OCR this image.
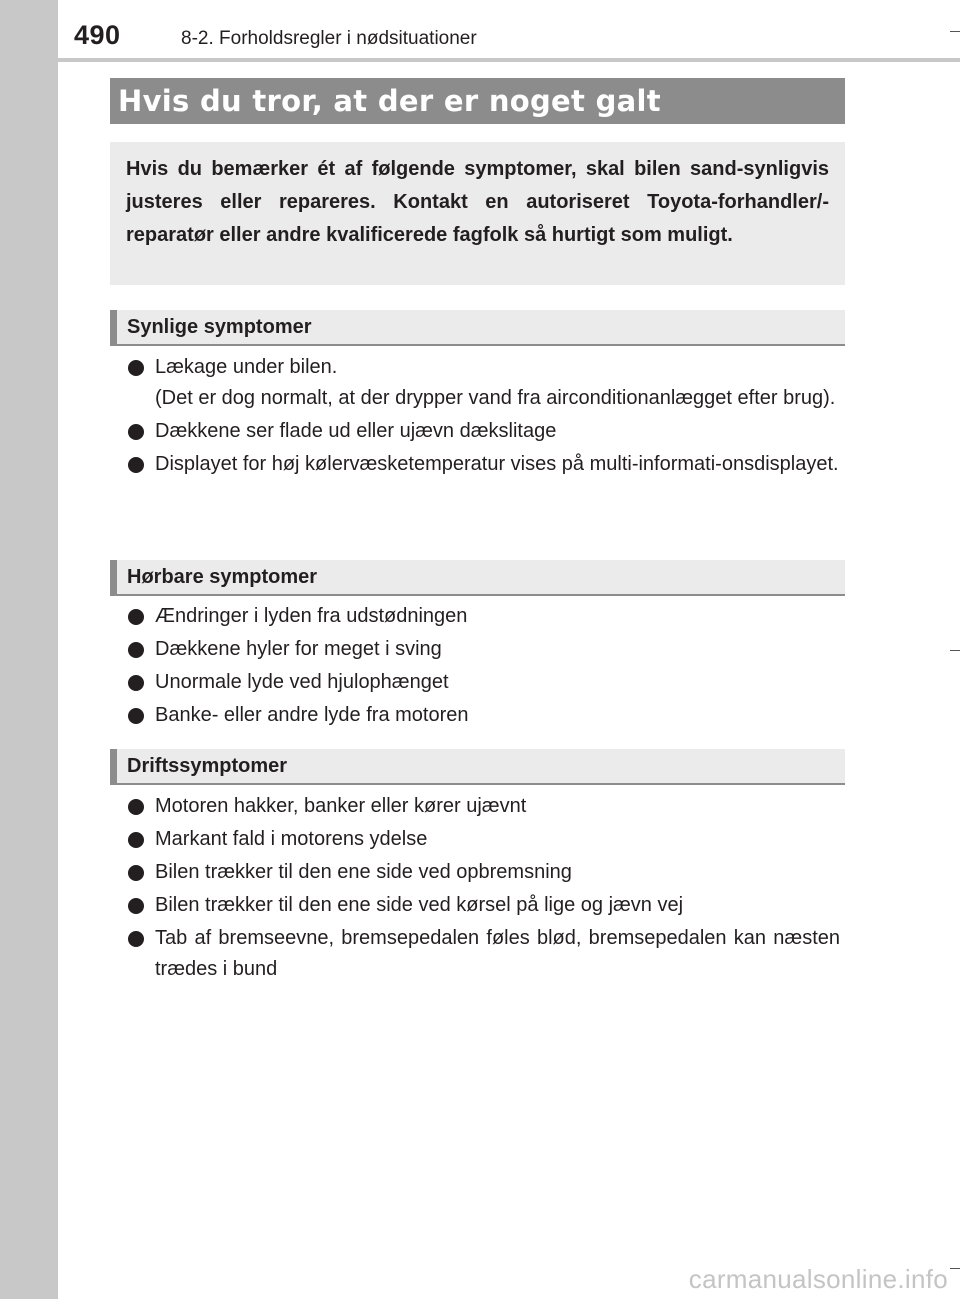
490	8-2. Forholdsregler i nødsituationer
Hvis du tror, at der er noget galt

Hvis du bemærker ét af følgende symptomer, skal bilen sand-synligvis justeres eller repareres. Kontakt en autoriseret Toyota-forhandler/-reparatør eller andre kvalificerede fagfolk så hurtigt som muligt.

Synlige symptomer
Lækage under bilen.
(Det er dog normalt, at der drypper vand fra airconditionanlægget efter brug).
Dækkene ser flade ud eller ujævn dækslitage
Displayet for høj kølervæsketemperatur vises på multi-informati-onsdisplayet.
Hørbare symptomer
Ændringer i lyden fra udstødningen
Dækkene hyler for meget i sving
Unormale lyde ved hjulophænget
Banke- eller andre lyde fra motoren
Driftssymptomer
Motoren hakker, banker eller kører ujævnt
Markant fald i motorens ydelse
Bilen trækker til den ene side ved opbremsning
Bilen trækker til den ene side ved kørsel på lige og jævn vej
Tab af bremseevne, bremsepedalen føles blød, bremsepedalen kan næsten trædes i bund
carmanualsonline.info
